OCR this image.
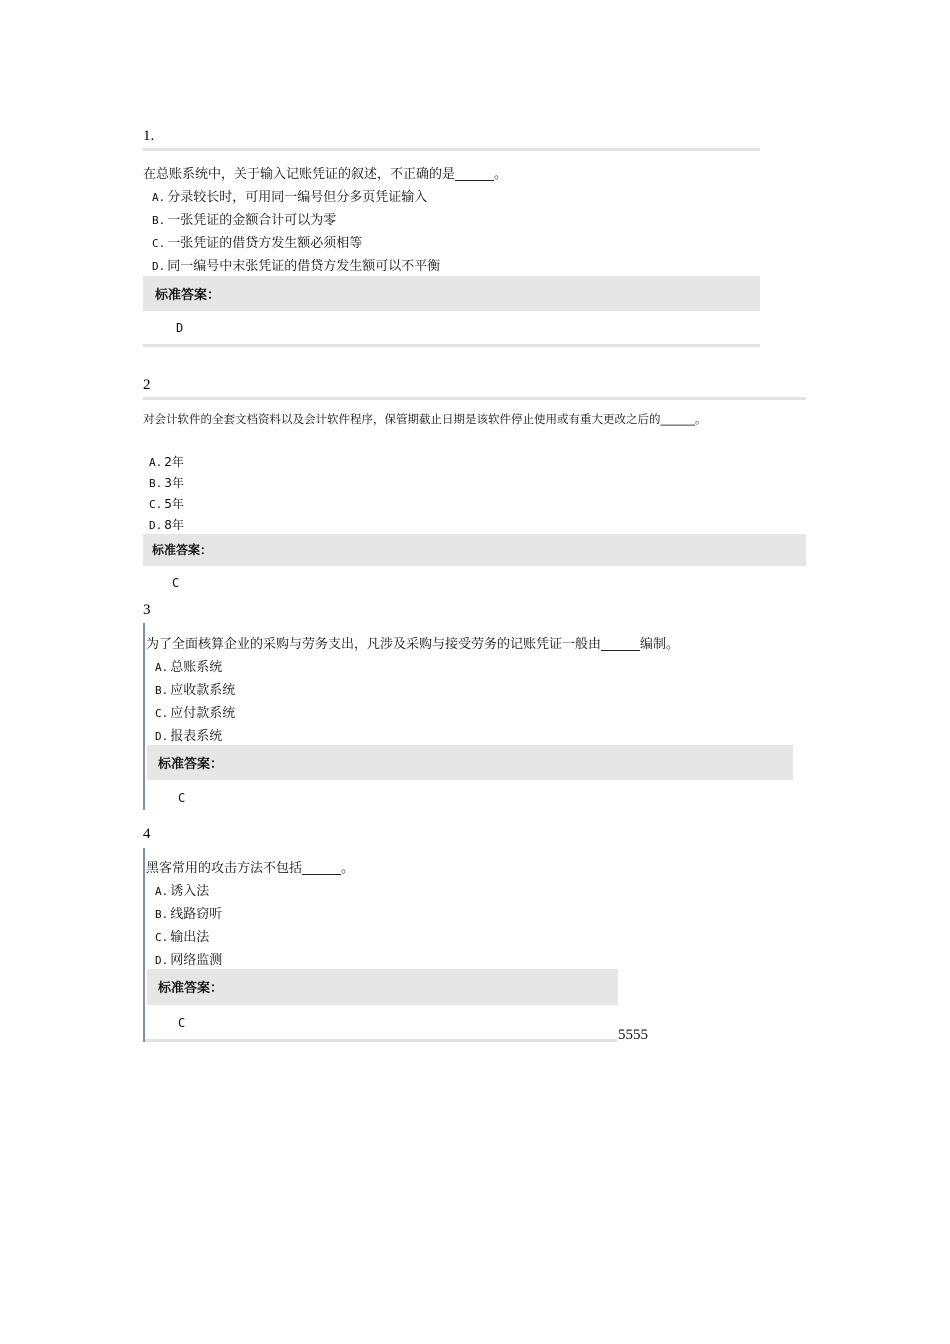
1.
在总账系统中，关于输入记账凭证的叙述，不正确的是______。
A. 分录较长时，可用同一编号但分多页凭证输入
B. 一张凭证的金额合计可以为零
C. 一张凭证的借贷方发生额必须相等
D. 同一编号中末张凭证的借贷方发生额可以不平衡
标准答案：
D
2
对会计软件的全套文档资料以及会计软件程序，保管期截止日期是该软件停止使用或有重大更改之后的______。
A. 2年
B. 3年
C. 5年
D. 8年
标准答案：
C
3
为了全面核算企业的采购与劳务支出，凡涉及采购与接受劳务的记账凭证一般由______编制。
A. 总账系统
B. 应收款系统
C. 应付款系统
D. 报表系统
标准答案：
C
4
黑客常用的攻击方法不包括______。
A. 诱入法
B. 线路窃听
C. 输出法
D. 网络监测
标准答案：
C
5555
